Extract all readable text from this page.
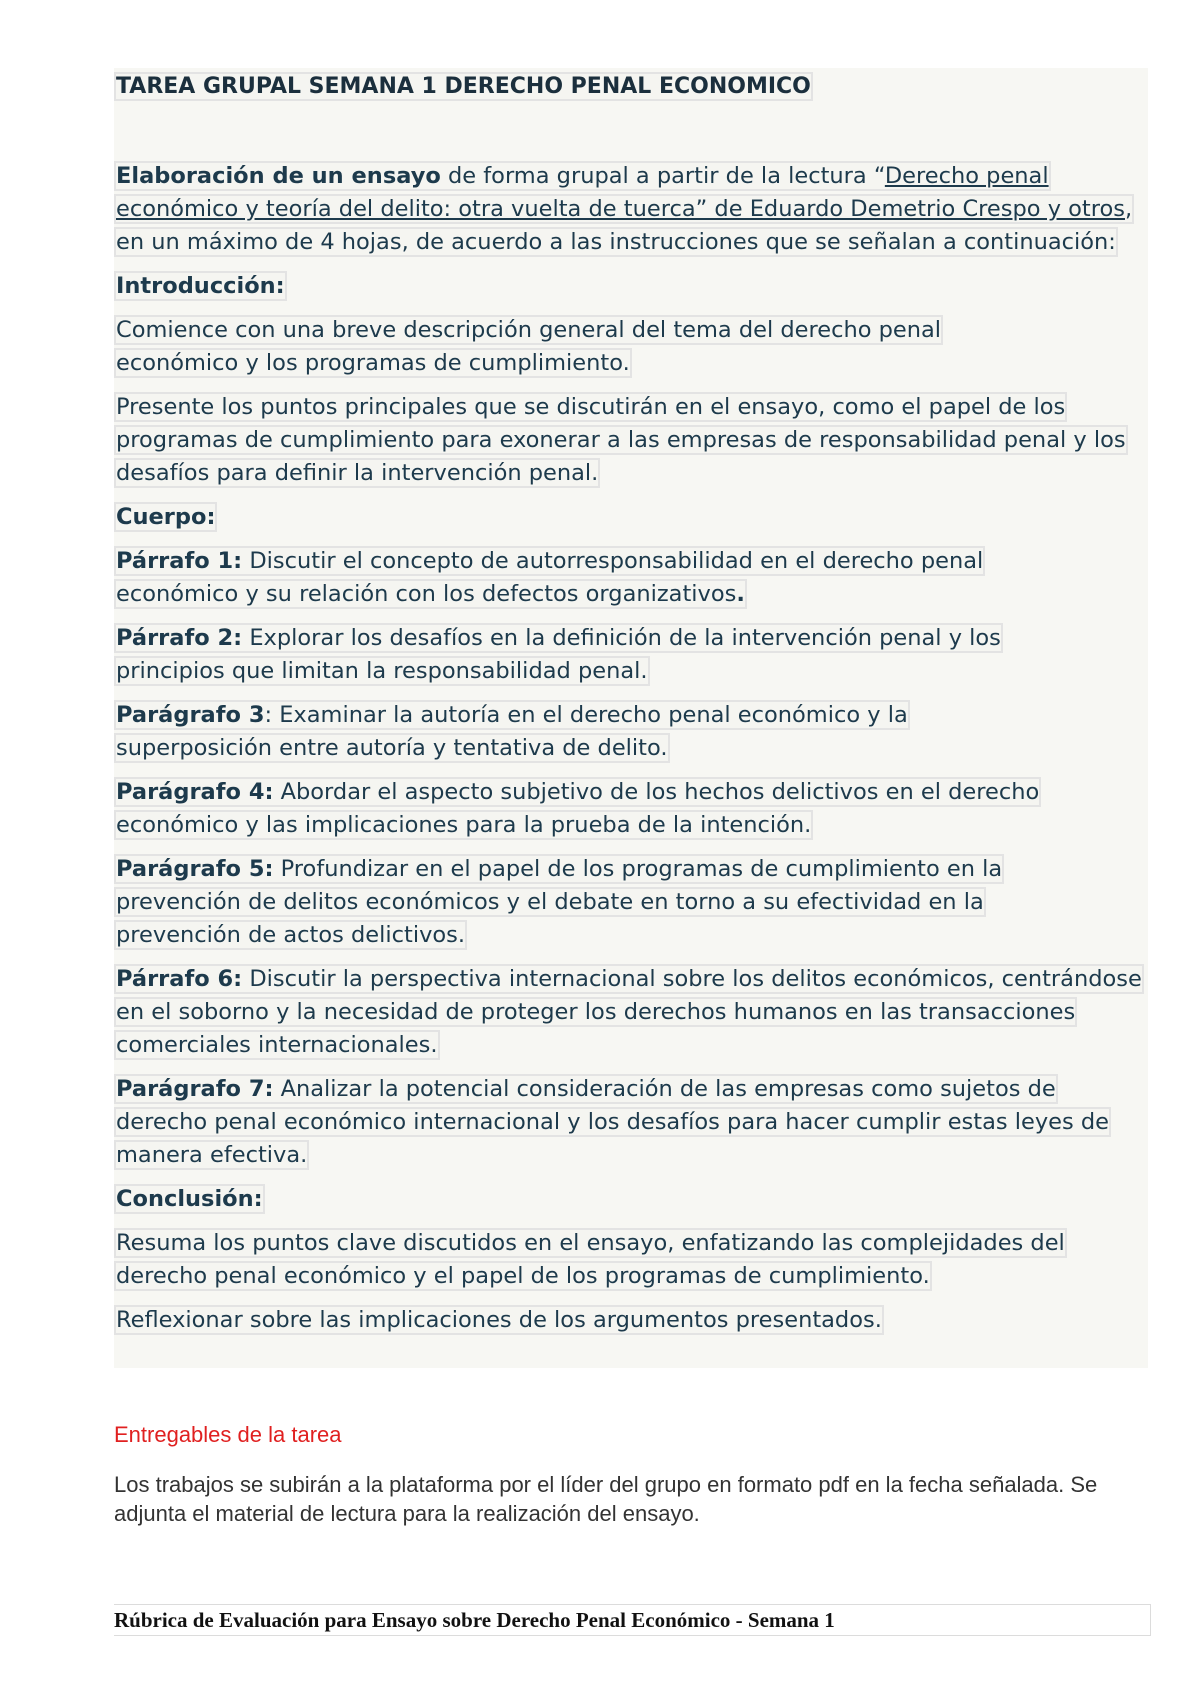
TAREA GRUPAL SEMANA 1 DERECHO PENAL ECONOMICO

Elaboración de un ensayo de forma grupal a partir de la lectura “Derecho penal económico y teoría del delito: otra vuelta de tuerca” de Eduardo Demetrio Crespo y otros, en un máximo de 4 hojas, de acuerdo a las instrucciones que se señalan a continuación:

Introducción:

Comience con una breve descripción general del tema del derecho penal económico y los programas de cumplimiento.

Presente los puntos principales que se discutirán en el ensayo, como el papel de los programas de cumplimiento para exonerar a las empresas de responsabilidad penal y los desafíos para definir la intervención penal.

Cuerpo:

Párrafo 1: Discutir el concepto de autorresponsabilidad en el derecho penal económico y su relación con los defectos organizativos.

Párrafo 2: Explorar los desafíos en la definición de la intervención penal y los principios que limitan la responsabilidad penal.

Parágrafo 3: Examinar la autoría en el derecho penal económico y la superposición entre autoría y tentativa de delito.

Parágrafo 4: Abordar el aspecto subjetivo de los hechos delictivos en el derecho económico y las implicaciones para la prueba de la intención.

Parágrafo 5: Profundizar en el papel de los programas de cumplimiento en la prevención de delitos económicos y el debate en torno a su efectividad en la prevención de actos delictivos.

Párrafo 6: Discutir la perspectiva internacional sobre los delitos económicos, centrándose en el soborno y la necesidad de proteger los derechos humanos en las transacciones comerciales internacionales.

Parágrafo 7: Analizar la potencial consideración de las empresas como sujetos de derecho penal económico internacional y los desafíos para hacer cumplir estas leyes de manera efectiva.

Conclusión:

Resuma los puntos clave discutidos en el ensayo, enfatizando las complejidades del derecho penal económico y el papel de los programas de cumplimiento.

Reflexionar sobre las implicaciones de los argumentos presentados.

Entregables de la tarea
Los trabajos se subirán a la plataforma por el líder del grupo en formato pdf en la fecha señalada. Se adjunta el material de lectura para la realización del ensayo.
Rúbrica de Evaluación para Ensayo sobre Derecho Penal Económico - Semana 1
